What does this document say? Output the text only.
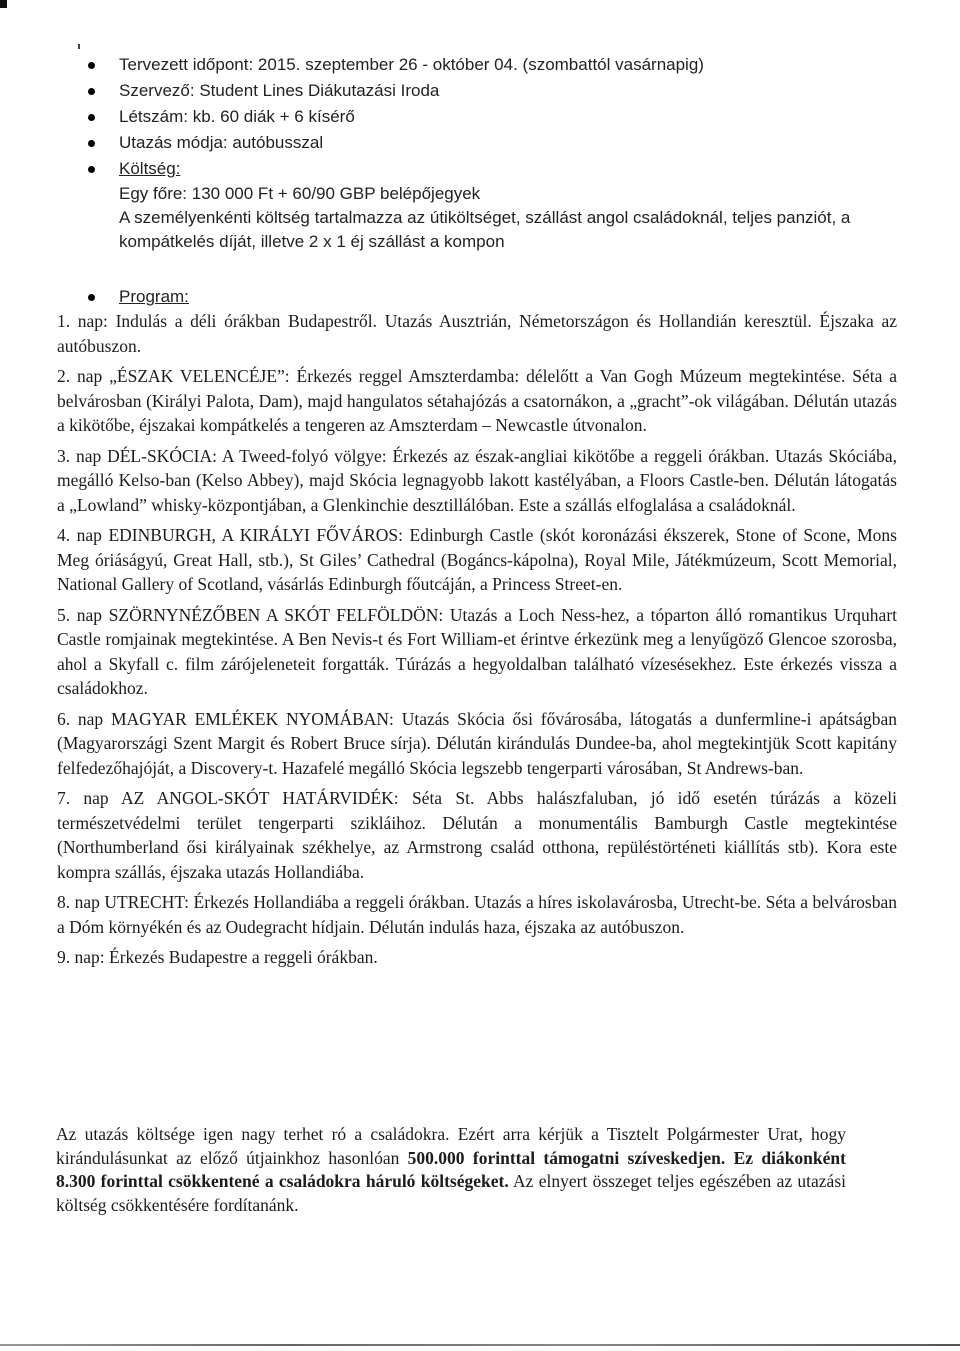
Tervezett időpont: 2015. szeptember 26 - október 04. (szombattól vasárnapig)
Szervező: Student Lines Diákutazási Iroda
Létszám: kb. 60 diák + 6 kísérő
Utazás módja: autóbusszal
Költség:
Egy főre: 130 000 Ft + 60/90 GBP belépőjegyek
A személyenkénti költség tartalmazza az útiköltséget, szállást angol családoknál, teljes panziót, a kompátkelés díját, illetve 2 x 1 éj szállást a kompon
Program:

1. nap: Indulás a déli órákban Budapestről. Utazás Ausztrián, Németországon és Hollandián keresztül. Éjszaka az autóbuszon.

2. nap „ÉSZAK VELENCÉJE”: Érkezés reggel Amszterdamba: délelőtt a Van Gogh Múzeum megtekintése. Séta a belvárosban (Királyi Palota, Dam), majd hangulatos sétahajózás a csatornákon, a „gracht”-ok világában. Délután utazás a kikötőbe, éjszakai kompátkelés a tengeren az Amszterdam – Newcastle útvonalon.

3. nap DÉL-SKÓCIA: A Tweed-folyó völgye: Érkezés az észak-angliai kikötőbe a reggeli órákban. Utazás Skóciába, megálló Kelso-ban (Kelso Abbey), majd Skócia legnagyobb lakott kastélyában, a Floors Castle-ben. Délután látogatás a „Lowland” whisky-központjában, a Glenkinchie desztillálóban. Este a szállás elfoglalása a családoknál.

4. nap EDINBURGH, A KIRÁLYI FŐVÁROS: Edinburgh Castle (skót koronázási ékszerek, Stone of Scone, Mons Meg óriáságyú, Great Hall, stb.), St Giles’ Cathedral (Bogáncs-kápolna), Royal Mile, Játékmúzeum, Scott Memorial, National Gallery of Scotland, vásárlás Edinburgh főutcáján, a Princess Street-en.

5. nap SZÖRNYNÉZŐBEN A SKÓT FELFÖLDÖN: Utazás a Loch Ness-hez, a tóparton álló romantikus Urquhart Castle romjainak megtekintése. A Ben Nevis-t és Fort William-et érintve érkezünk meg a lenyűgöző Glencoe szorosba, ahol a Skyfall c. film zárójeleneteit forgatták. Túrázás a hegyoldalban található vízesésekhez. Este érkezés vissza a családokhoz.

6. nap MAGYAR EMLÉKEK NYOMÁBAN: Utazás Skócia ősi fővárosába, látogatás a dunfermline-i apátságban (Magyarországi Szent Margit és Robert Bruce sírja). Délután kirándulás Dundee-ba, ahol megtekintjük Scott kapitány felfedezőhajóját, a Discovery-t. Hazafelé megálló Skócia legszebb tengerparti városában, St Andrews-ban.

7. nap AZ ANGOL-SKÓT HATÁRVIDÉK: Séta St. Abbs halászfaluban, jó idő esetén túrázás a közeli természetvédelmi terület tengerparti szikláihoz. Délután a monumentális Bamburgh Castle megtekintése (Northumberland ősi királyainak székhelye, az Armstrong család otthona, repüléstörténeti kiállítás stb). Kora este kompra szállás, éjszaka utazás Hollandiába.

8. nap UTRECHT: Érkezés Hollandiába a reggeli órákban. Utazás a híres iskolavárosba, Utrecht-be. Séta a belvárosban a Dóm környékén és az Oudegracht hídjain. Délután indulás haza, éjszaka az autóbuszon.

9. nap: Érkezés Budapestre a reggeli órákban.

Az utazás költsége igen nagy terhet ró a családokra. Ezért arra kérjük a Tisztelt Polgármester Urat, hogy kirándulásunkat az előző útjainkhoz hasonlóan 500.000 forinttal támogatni szíveskedjen. Ez diákonként 8.300 forinttal csökkentené a családokra háruló költségeket. Az elnyert összeget teljes egészében az utazási költség csökkentésére fordítanánk.
